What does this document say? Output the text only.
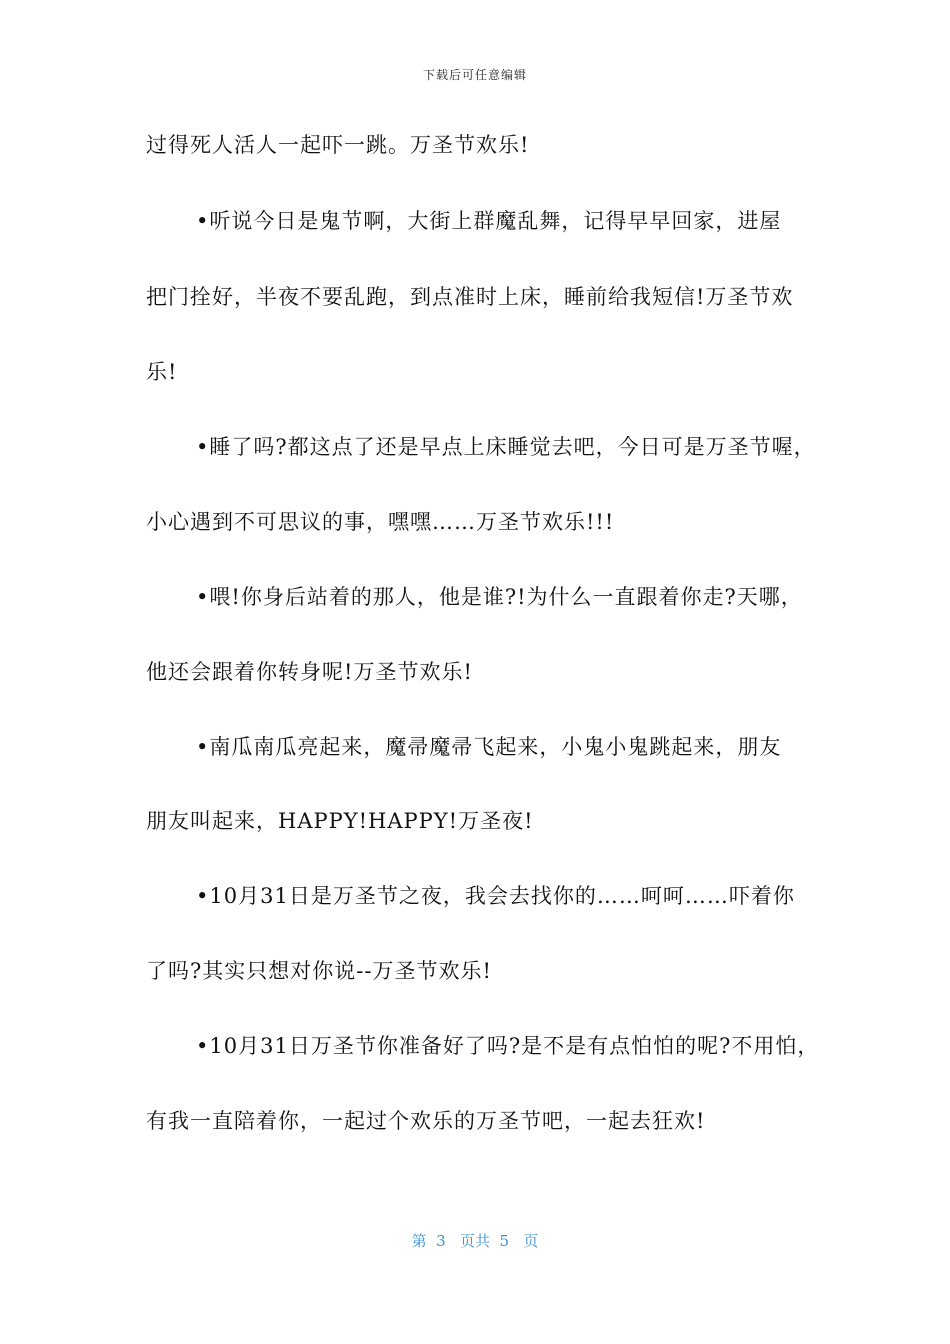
下载后可任意编辑
过得死人活人一起吓一跳。万圣节欢乐!
•听说今日是鬼节啊，大街上群魔乱舞，记得早早回家，进屋
把门拴好，半夜不要乱跑，到点准时上床，睡前给我短信!万圣节欢
乐!
•睡了吗?都这点了还是早点上床睡觉去吧，今日可是万圣节喔，
小心遇到不可思议的事，嘿嘿……万圣节欢乐!!!
•喂!你身后站着的那人，他是谁?!为什么一直跟着你走?天哪，
他还会跟着你转身呢!万圣节欢乐!
•南瓜南瓜亮起来，魔帚魔帚飞起来，小鬼小鬼跳起来，朋友
朋友叫起来，HAPPY!HAPPY!万圣夜!
•10月31日是万圣节之夜，我会去找你的……呵呵……吓着你
了吗?其实只想对你说--万圣节欢乐!
•10月31日万圣节你准备好了吗?是不是有点怕怕的呢?不用怕，
有我一直陪着你，一起过个欢乐的万圣节吧，一起去狂欢!
第  3   页共  5   页
